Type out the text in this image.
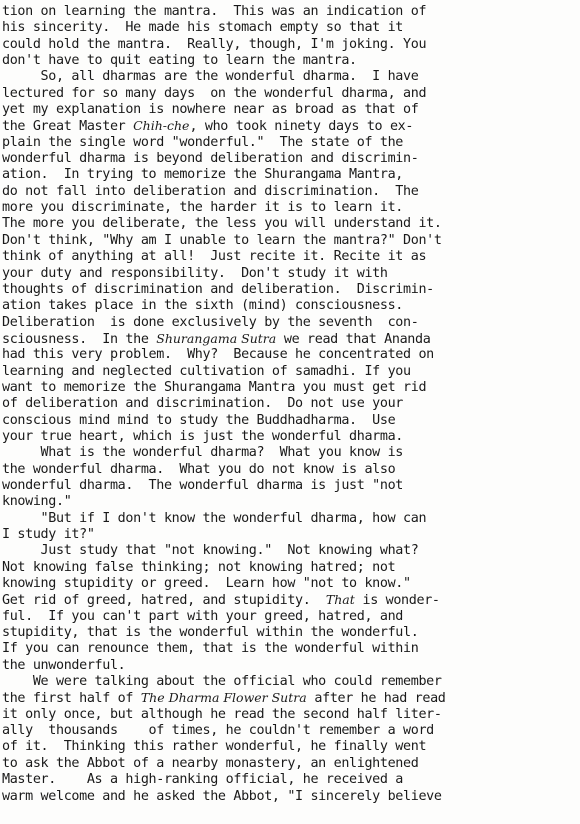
tion on learning the mantra.  This was an indication of
his sincerity.  He made his stomach empty so that it
could hold the mantra.  Really, though, I'm joking. You
don't have to quit eating to learn the mantra.
So, all dharmas are the wonderful dharma.  I have
lectured for so many days  on the wonderful dharma, and
yet my explanation is nowhere near as broad as that of
the Great Master Chih-che, who took ninety days to ex-
plain the single word "wonderful."  The state of the
wonderful dharma is beyond deliberation and discrimin-
ation.  In trying to memorize the Shurangama Mantra,
do not fall into deliberation and discrimination.  The
more you discriminate, the harder it is to learn it.
The more you deliberate, the less you will understand it.
Don't think, "Why am I unable to learn the mantra?" Don't
think of anything at all!  Just recite it. Recite it as
your duty and responsibility.  Don't study it with
thoughts of discrimination and deliberation.  Discrimin-
ation takes place in the sixth (mind) consciousness.
Deliberation  is done exclusively by the seventh  con-
sciousness.  In the Shurangama Sutra we read that Ananda
had this very problem.  Why?  Because he concentrated on
learning and neglected cultivation of samadhi. If you
want to memorize the Shurangama Mantra you must get rid
of deliberation and discrimination.  Do not use your
conscious mind mind to study the Buddhadharma.  Use
your true heart, which is just the wonderful dharma.
What is the wonderful dharma?  What you know is
the wonderful dharma.  What you do not know is also
wonderful dharma.  The wonderful dharma is just "not
knowing."
"But if I don't know the wonderful dharma, how can
I study it?"
Just study that "not knowing."  Not knowing what?
Not knowing false thinking; not knowing hatred; not
knowing stupidity or greed.  Learn how "not to know."
Get rid of greed, hatred, and stupidity.  That is wonder-
ful.  If you can't part with your greed, hatred, and
stupidity, that is the wonderful within the wonderful.
If you can renounce them, that is the wonderful within
the unwonderful.
We were talking about the official who could remember
the first half of The Dharma Flower Sutra after he had read
it only once, but although he read the second half liter-
ally  thousands    of times, he couldn't remember a word
of it.  Thinking this rather wonderful, he finally went
to ask the Abbot of a nearby monastery, an enlightened
Master.    As a high-ranking official, he received a
warm welcome and he asked the Abbot, "I sincerely believe
